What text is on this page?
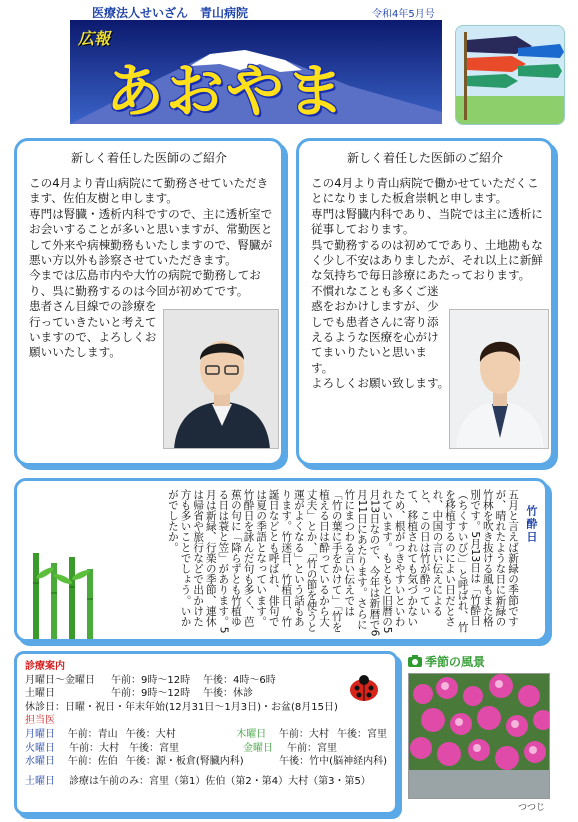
医療法人せいざん　青山病院	令和4年5月号
広報
あおやま
新しく着任した医師のご紹介

この4月より青山病院にて勤務させていただきます、佐伯友樹と申します。

専門は腎臓・透析内科ですので、主に透析室でお会いすることが多いと思いますが、常勤医として外来や病棟勤務もいたしますので、腎臓が悪い方以外も診察させていただきます。

今までは広島市内や大竹の病院で勤務しており、呉に勤務するのは今回が初めてです。

患者さん目線での診療を行っていきたいと考えていますので、よろしくお願いいたします。

新しく着任した医師のご紹介

この4月より青山病院で働かせていただくことになりました板倉崇帆と申します。

専門は腎臓内科であり、当院では主に透析に従事しております。

呉で勤務するのは初めてであり、土地勘もなく少し不安はありましたが、それ以上に新鮮な気持ちで毎日診療にあたっております。

不慣れなことも多くご迷惑をおかけしますが、少しでも患者さんに寄り添えるような医療を心がけてまいりたいと思います。

よろしくお願い致します。

竹酔日
五月と言えば新緑の季節ですが、晴れたような日に新緑の竹林を吹き抜ける風もまた格別です。5月13日は「竹酔日（ちくすいび）」と呼ばれ、竹を移植するのによい日だとされ、中国の言い伝えによると、この日は竹が酔っていて、移植されても気づかないため、根がつきやすいといわれています。もともと旧暦の5月13日なので、今年は新暦で6月11日にあたります。さらに竹にまつわる言い伝えでは「竹の葉に手をかけて」「竹を植える日は酔っているから大丈夫」とか、「竹の節を使うと運がよくなる」という話もあります。竹迷日、竹植日、竹誕日などとも呼ばれ、俳句では夏の季語となっています。竹酔日を詠んだ句も多く、芭蕉の句に「降らずとも竹植ゆる日は蓑と笠」があります。5月は新緑、行楽の季節、連休は帰省や旅行などで出かけた方も多いことでしょう。いかがでしたか。
診療案内
月曜日～金曜日	午前：9時～12時	午後：4時～6時
土曜日	午前：9時～12時	午後：休診
休診日 ：日曜・祝日・年末年始(12月31日～1月3日)・お盆(8月15日)
担当医
月曜日	午前：青山 午後：大村	木曜日	午前：大村 午後：宮里
火曜日	午前：大村	午後：宮里	金曜日	午前：宮里
水曜日	午前：佐伯 午後：源・板倉(腎臓内科)	午後：竹中(脳神経内科)
土曜日	診療は午前のみ：宮里（第1）佐伯（第2・第4）大村（第3・第5）
季節の風景
つつじ
